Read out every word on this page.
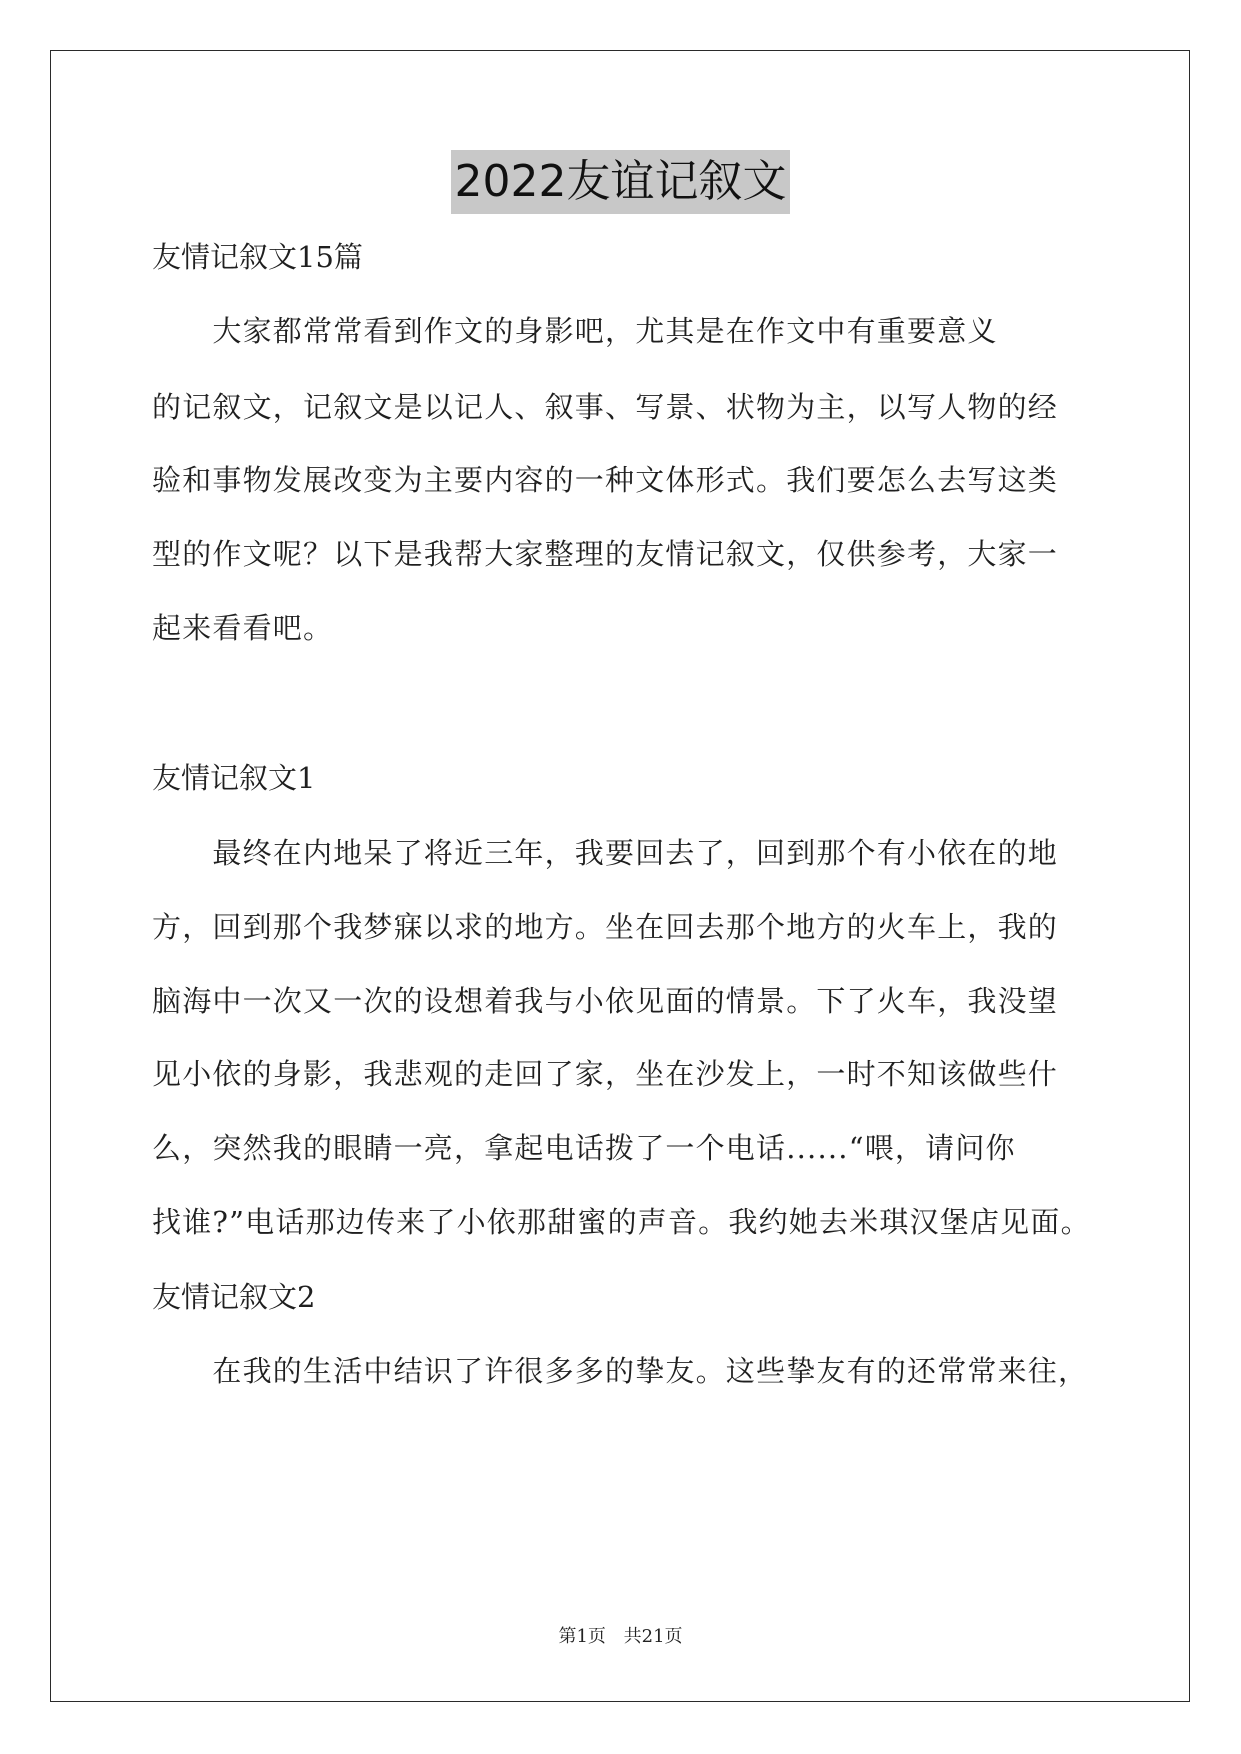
2022友谊记叙文
友情记叙文15篇
　　大家都常常看到作文的身影吧，尤其是在作文中有重要意义
的记叙文，记叙文是以记人、叙事、写景、状物为主，以写人物的经
验和事物发展改变为主要内容的一种文体形式。我们要怎么去写这类
型的作文呢？以下是我帮大家整理的友情记叙文，仅供参考，大家一
起来看看吧。
友情记叙文1
　　最终在内地呆了将近三年，我要回去了，回到那个有小依在的地
方，回到那个我梦寐以求的地方。坐在回去那个地方的火车上，我的
脑海中一次又一次的设想着我与小依见面的情景。下了火车，我没望
见小依的身影，我悲观的走回了家，坐在沙发上，一时不知该做些什
么，突然我的眼睛一亮，拿起电话拨了一个电话......“喂，请问你
找谁?”电话那边传来了小依那甜蜜的声音。我约她去米琪汉堡店见面。
友情记叙文2
　　在我的生活中结识了许很多多的挚友。这些挚友有的还常常来往，
第1页 共21页
